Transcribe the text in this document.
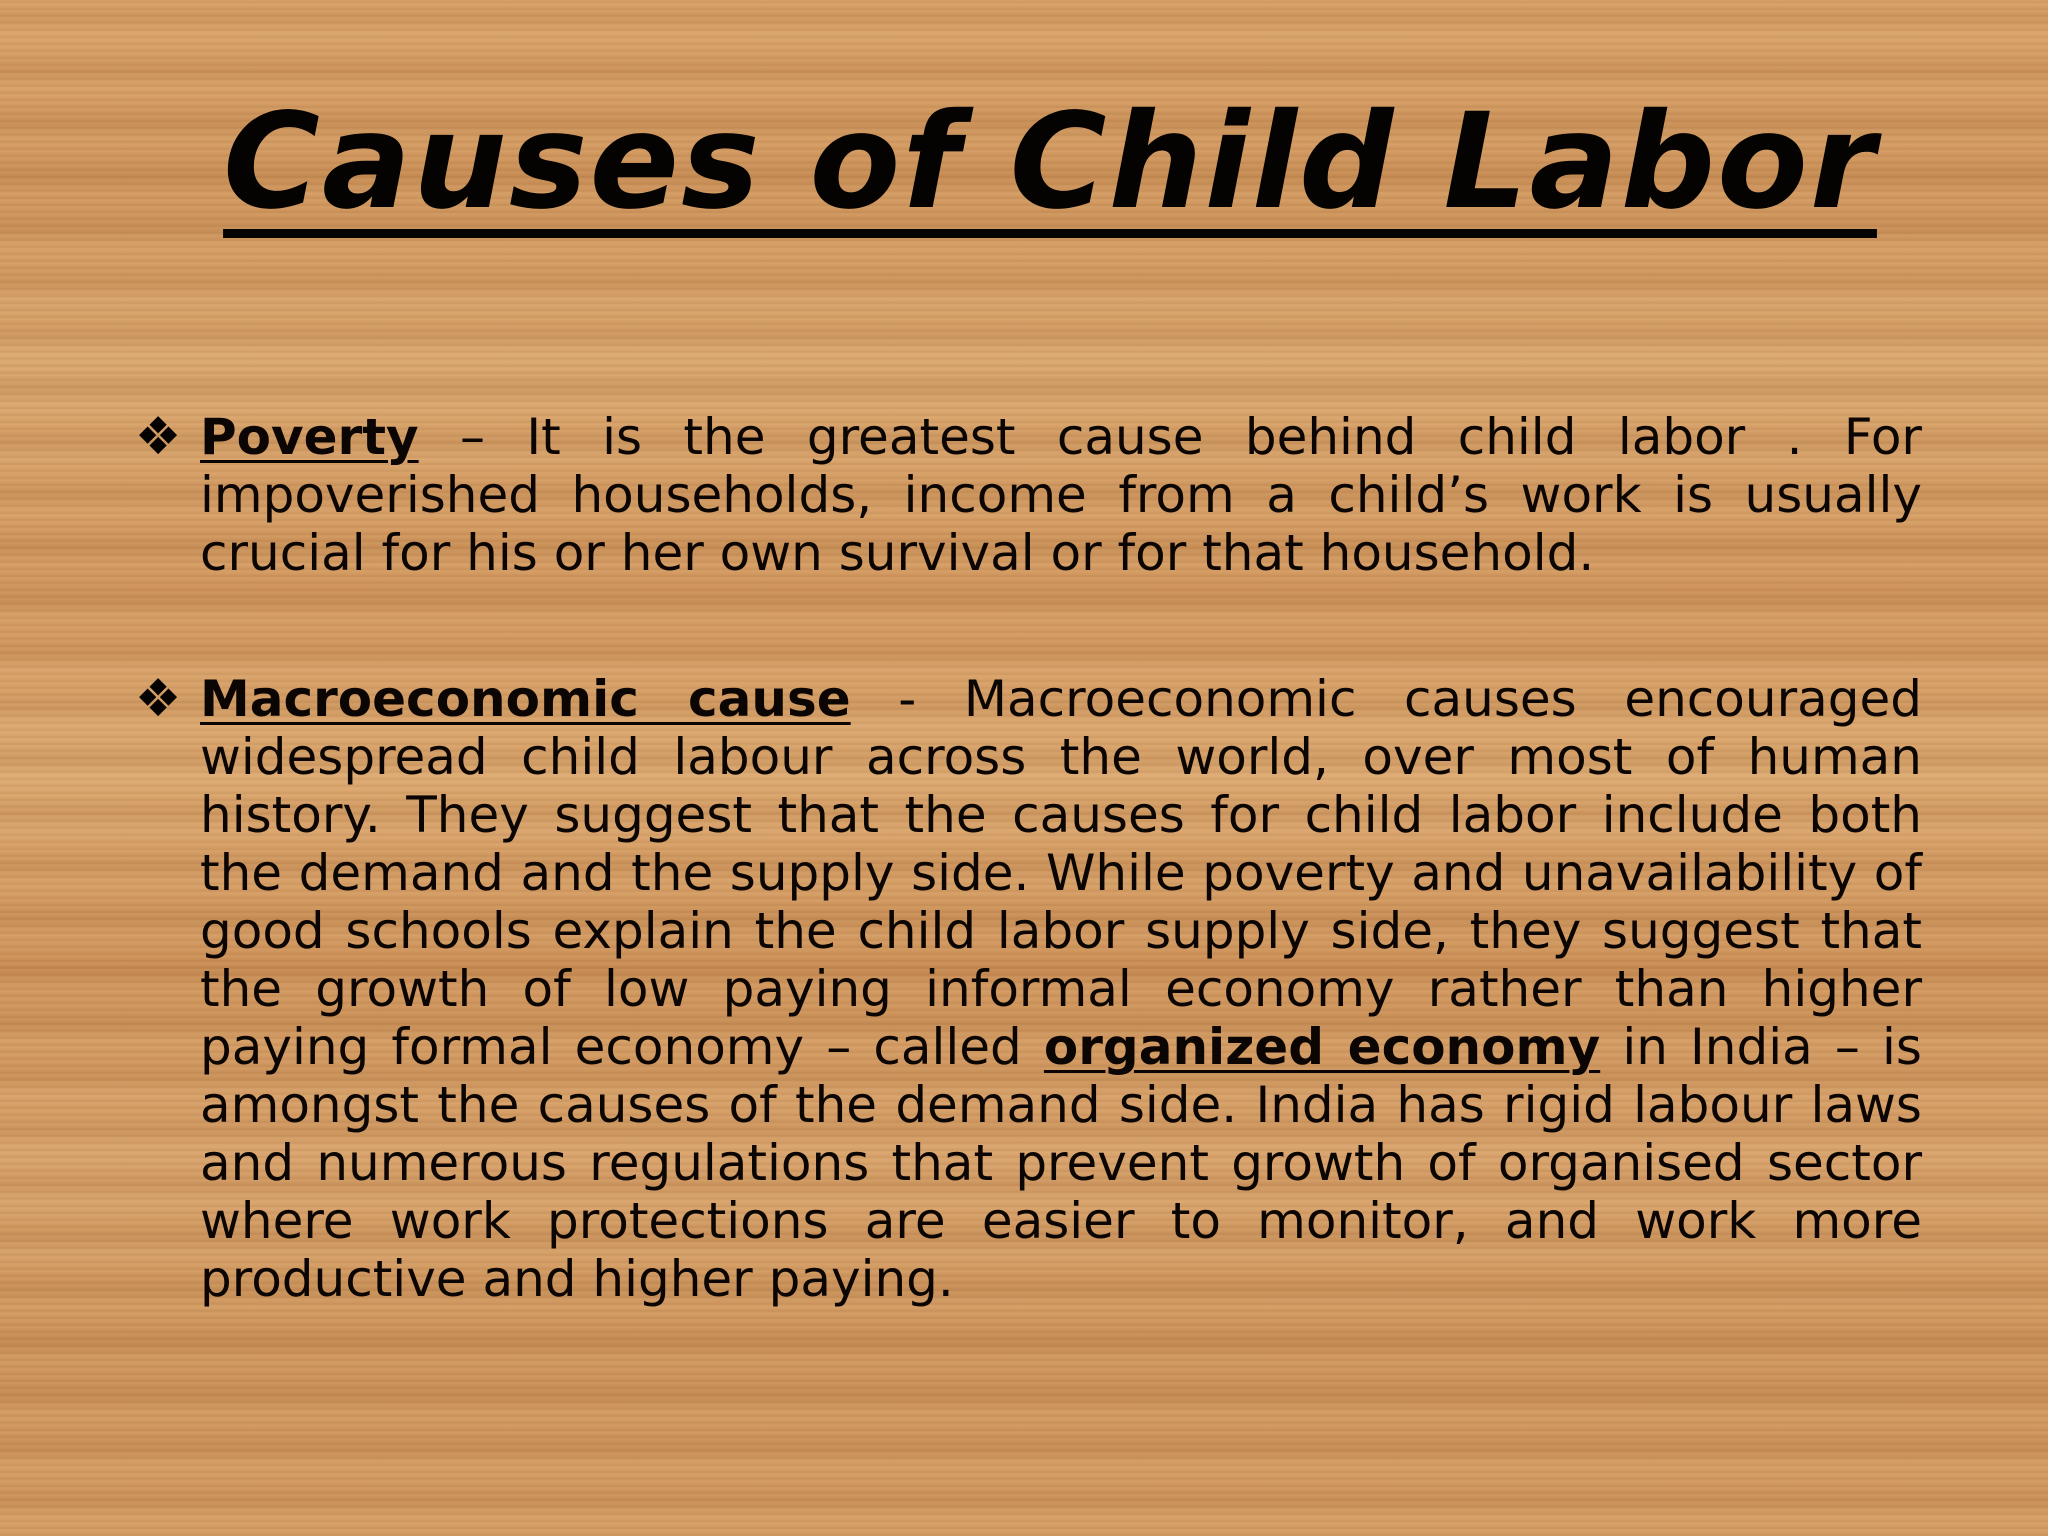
Causes of Child Labor

❖ Poverty – It is the greatest cause behind child labor . For impoverished households, income from a child’s work is usually crucial for his or her own survival or for that household.

❖ Macroeconomic cause - Macroeconomic causes encouraged widespread child labour across the world, over most of human history. They suggest that the causes for child labor include both the demand and the supply side. While poverty and unavailability of good schools explain the child labor supply side, they suggest that the growth of low paying informal economy rather than higher paying formal economy – called organized economy in India – is amongst the causes of the demand side. India has rigid labour laws and numerous regulations that prevent growth of organised sector where work protections are easier to monitor, and work more productive and higher paying.
